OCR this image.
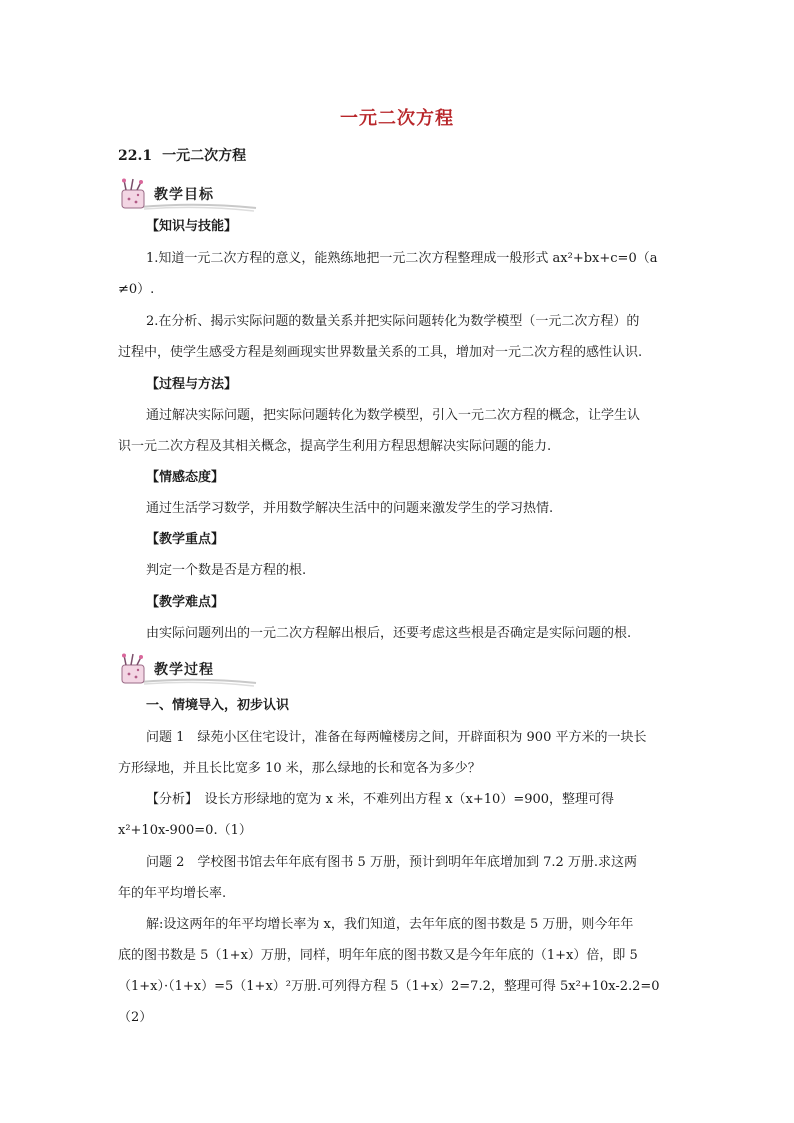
一元二次方程
22.1 一元二次方程
教学目标
【知识与技能】
1.知道一元二次方程的意义，能熟练地把一元二次方程整理成一般形式 ax²+bx+c=0（a
≠0）.
2.在分析、揭示实际问题的数量关系并把实际问题转化为数学模型（一元二次方程）的
过程中，使学生感受方程是刻画现实世界数量关系的工具，增加对一元二次方程的感性认识.
【过程与方法】
通过解决实际问题，把实际问题转化为数学模型，引入一元二次方程的概念，让学生认
识一元二次方程及其相关概念，提高学生利用方程思想解决实际问题的能力.
【情感态度】
通过生活学习数学，并用数学解决生活中的问题来激发学生的学习热情.
【教学重点】
判定一个数是否是方程的根.
【教学难点】
由实际问题列出的一元二次方程解出根后，还要考虑这些根是否确定是实际问题的根.
教学过程
一、情境导入，初步认识
问题 1　绿苑小区住宅设计，准备在每两幢楼房之间，开辟面积为 900 平方米的一块长
方形绿地，并且长比宽多 10 米，那么绿地的长和宽各为多少？
【分析】　设长方形绿地的宽为 x 米，不难列出方程 x（x+10）=900，整理可得
x²+10x-900=0.（1）
问题 2　学校图书馆去年年底有图书 5 万册，预计到明年年底增加到 7.2 万册.求这两
年的年平均增长率.
解:设这两年的年平均增长率为 x，我们知道，去年年底的图书数是 5 万册，则今年年
底的图书数是 5（1+x）万册，同样，明年年底的图书数又是今年年底的（1+x）倍，即 5
（1+x）·（1+x）=5（1+x）²万册.可列得方程 5（1+x）2=7.2，整理可得 5x²+10x-2.2=0
（2）
